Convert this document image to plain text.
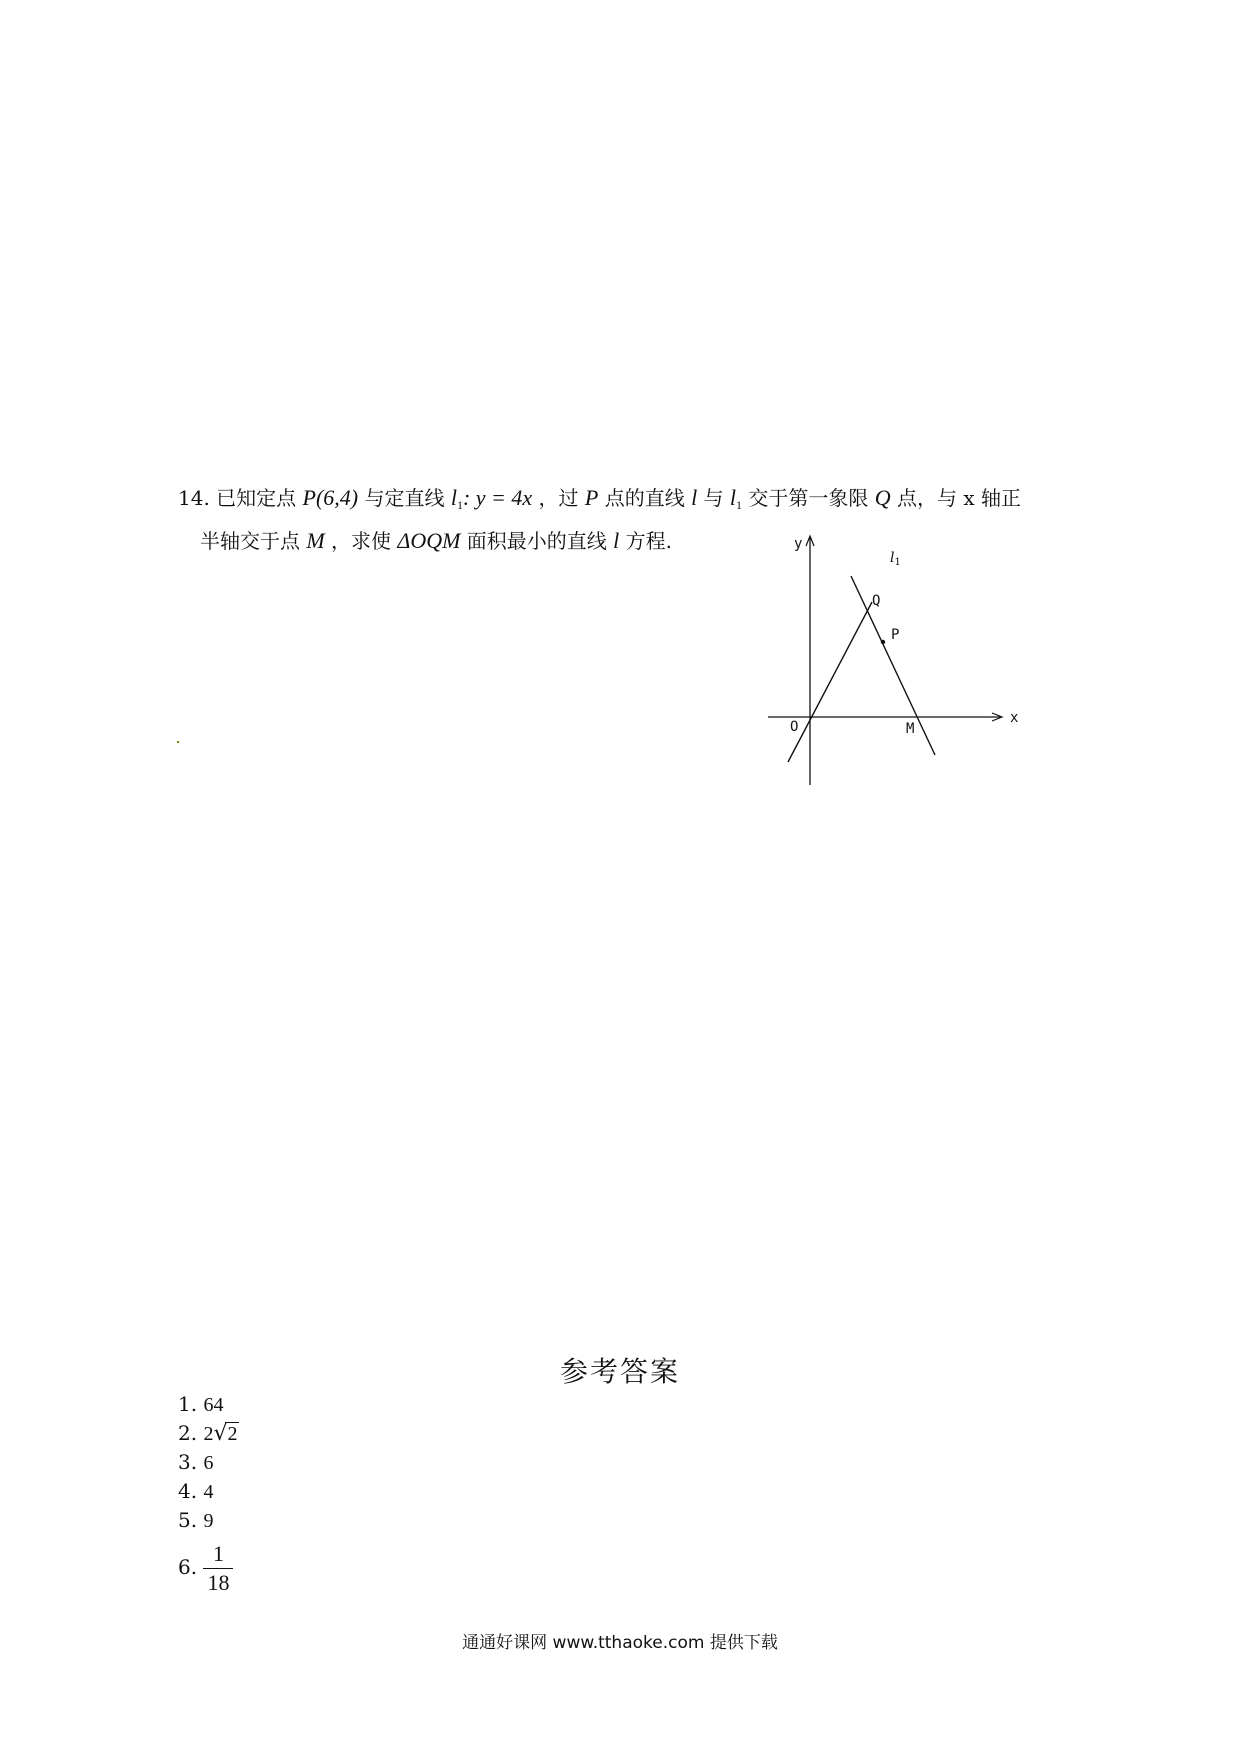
14. 已知定点 P(6,4) 与定直线 $l_1$: y = 4x ，过 P 点的直线 l 与 $l_1$ 交于第一象限 Q 点，与 x 轴正
半轴交于点 M ，求使 ΔOQM 面积最小的直线 l 方程.	y
x
O	M
Q
P
$l_1$
参考答案
1. 64
2. 2√2
3. 6
4. 4
5. 9
6. $\frac{1}{18}$
通通好课网 www.tthaoke.com 提供下载
